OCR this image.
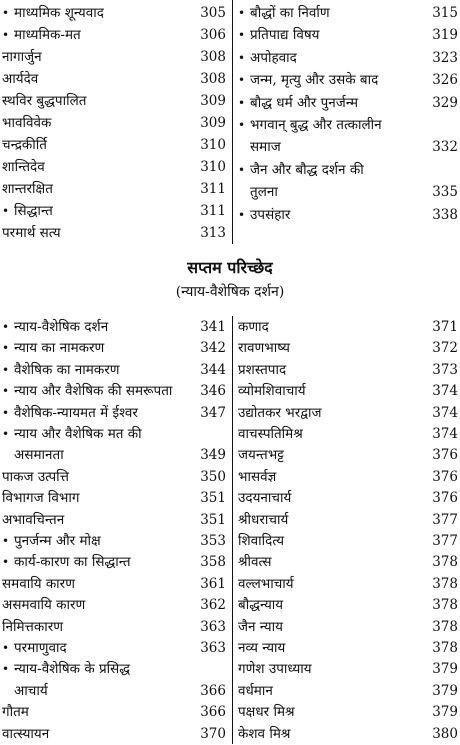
• माध्यमिक शून्यवाद	305
• माध्यमिक-मत	306
नागार्जुन	308
आर्यदेव	308
स्थविर बुद्धपालित	309
भावविवेक	309
चन्द्रकीर्ति	310
शान्तिदेव	310
शान्तरक्षित	311
• सिद्धान्त	311
परमार्थ सत्य	313
• बौद्धों का निर्वाण	315
• प्रतिपाद्य विषय	319
• अपोहवाद	323
• जन्म, मृत्यु और उसके बाद	326
• बौद्ध धर्म और पुनर्जन्म	329
• भगवान् बुद्ध और तत्कालीन
समाज	332
• जैन और बौद्ध दर्शन की
तुलना	335
• उपसंहार	338
सप्तम परिच्छेद
(न्याय-वैशेषिक दर्शन)
• न्याय-वैशेषिक दर्शन	341
• न्याय का नामकरण	342
• वैशेषिक का नामकरण	344
• न्याय और वैशेषिक की समरूपता 346
• वैशेषिक-न्यायमत में ईश्वर	347
• न्याय और वैशेषिक मत की
असमानता	349
पाकज उत्पत्ति	350
विभागज विभाग	351
अभावचिन्तन	351
• पुनर्जन्म और मोक्ष	353
• कार्य-कारण का सिद्धान्त	358
समवायि कारण	361
असमवायि कारण	362
निमित्तकारण	363
• परमाणुवाद	363
• न्याय-वैशेषिक के प्रसिद्ध
आचार्य	366
गौतम	366
वात्स्यायन	370
कणाद	371
रावणभाष्य	372
प्रशस्तपाद	373
व्योमशिवाचार्य	374
उद्योतकर भरद्वाज	374
वाचस्पतिमिश्र	374
जयन्तभट्ट	376
भासर्वज्ञ	376
उदयनाचार्य	376
श्रीधराचार्य	377
शिवादित्य	377
श्रीवत्स	378
वल्लभाचार्य	378
बौद्धन्याय	378
जैन न्याय	378
नव्य न्याय	378
गणेश उपाध्याय	379
वर्धमान	379
पक्षधर मिश्र	379
केशव मिश्र	380
